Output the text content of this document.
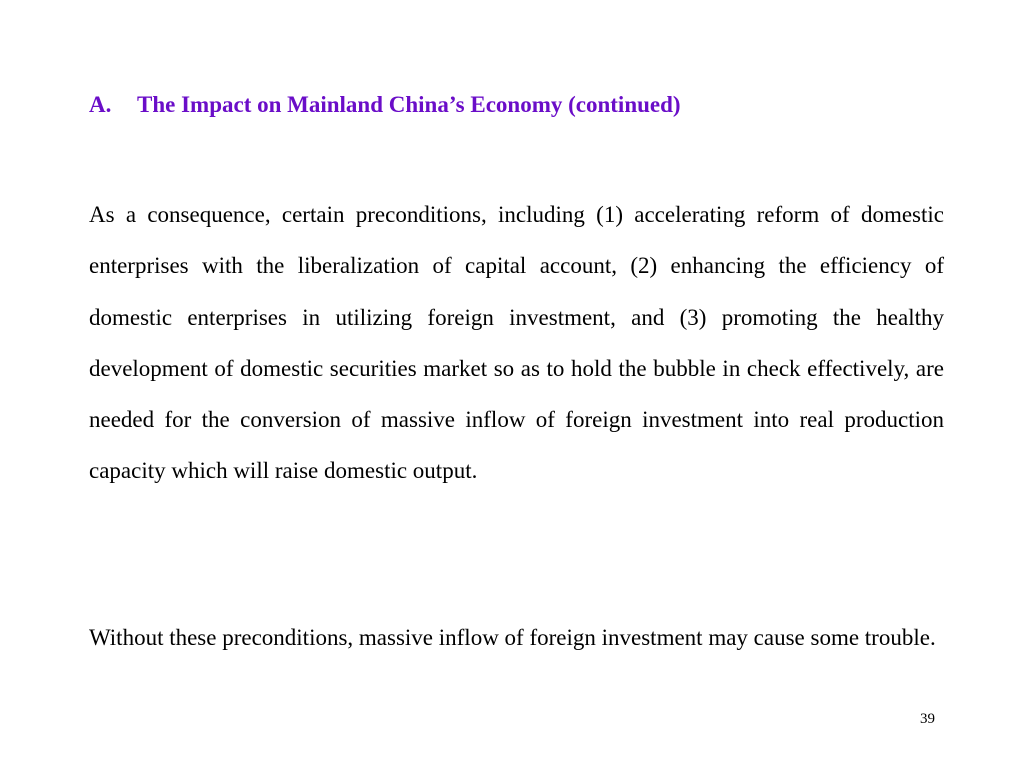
A. The Impact on Mainland China’s Economy (continued)

As a consequence, certain preconditions, including (1) accelerating reform of domestic enterprises with the liberalization of capital account, (2) enhancing the efficiency of domestic enterprises in utilizing foreign investment, and (3) promoting the healthy development of domestic securities market so as to hold the bubble in check effectively, are needed for the conversion of massive inflow of foreign investment into real production capacity which will raise domestic output.

Without these preconditions, massive inflow of foreign investment may cause some trouble.

39
